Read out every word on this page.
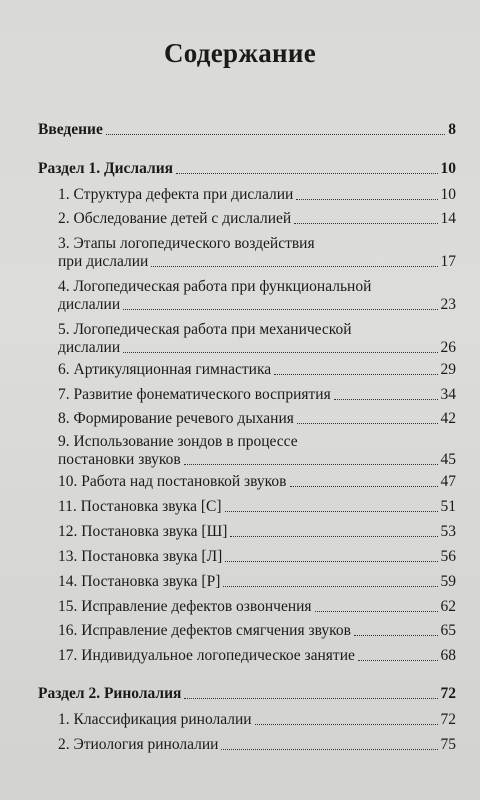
Содержание
Введение	8
Раздел 1. Дислалия	10
1. Структура дефекта при дислалии	10
2. Обследование детей с дислалией	14
3. Этапы логопедического воздействия
при дислалии	17
4. Логопедическая работа при функциональной
дислалии	23
5. Логопедическая работа при механической
дислалии	26
6. Артикуляционная гимнастика	29
7. Развитие фонематического восприятия	34
8. Формирование речевого дыхания	42
9. Использование зондов в процессе
постановки звуков	45
10. Работа над постановкой звуков	47
11. Постановка звука [С]	51
12. Постановка звука [Ш]	53
13. Постановка звука [Л]	56
14. Постановка звука [Р]	59
15. Исправление дефектов озвончения	62
16. Исправление дефектов смягчения звуков	65
17. Индивидуальное логопедическое занятие	68
Раздел 2. Ринолалия	72
1. Классификация ринолалии	72
2. Этиология ринолалии	75
